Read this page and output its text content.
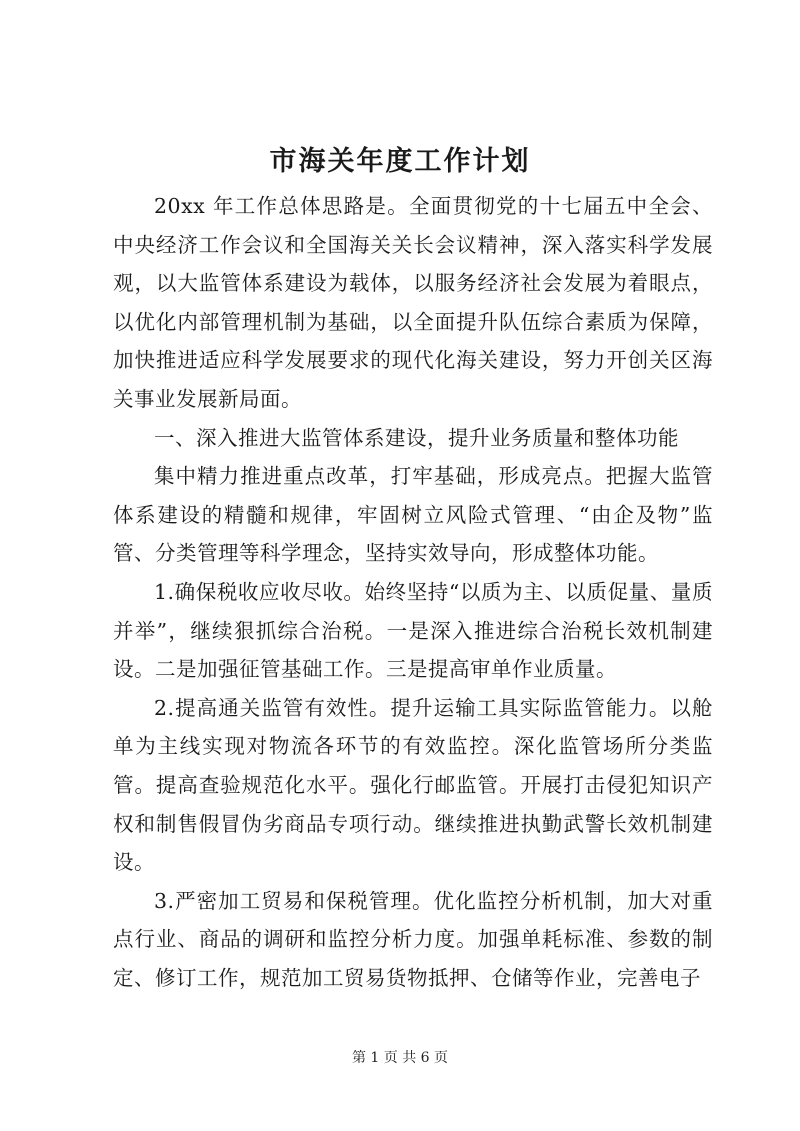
市海关年度工作计划

20xx 年工作总体思路是。全面贯彻党的十七届五中全会、中央经济工作会议和全国海关关长会议精神，深入落实科学发展观，以大监管体系建设为载体，以服务经济社会发展为着眼点，以优化内部管理机制为基础，以全面提升队伍综合素质为保障，加快推进适应科学发展要求的现代化海关建设，努力开创关区海关事业发展新局面。

一、深入推进大监管体系建设，提升业务质量和整体功能

集中精力推进重点改革，打牢基础，形成亮点。把握大监管体系建设的精髓和规律，牢固树立风险式管理、“由企及物”监管、分类管理等科学理念，坚持实效导向，形成整体功能。

1.确保税收应收尽收。始终坚持“以质为主、以质促量、量质并举”，继续狠抓综合治税。一是深入推进综合治税长效机制建设。二是加强征管基础工作。三是提高审单作业质量。

2.提高通关监管有效性。提升运输工具实际监管能力。以舱单为主线实现对物流各环节的有效监控。深化监管场所分类监管。提高查验规范化水平。强化行邮监管。开展打击侵犯知识产权和制售假冒伪劣商品专项行动。继续推进执勤武警长效机制建设。

3.严密加工贸易和保税管理。优化监控分析机制，加大对重点行业、商品的调研和监控分析力度。加强单耗标准、参数的制定、修订工作，规范加工贸易货物抵押、仓储等作业，完善电子

第 1 页 共 6 页
